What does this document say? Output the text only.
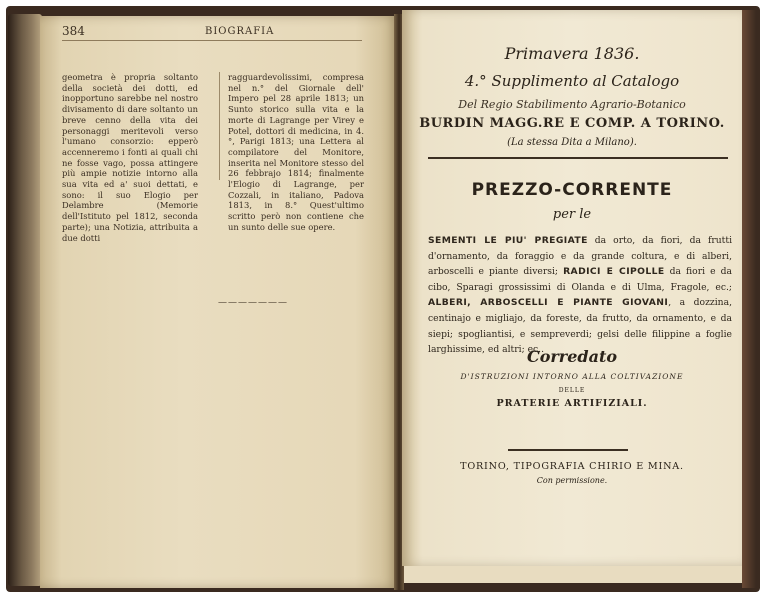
384	BIOGRAFIA
geometra è propria soltanto della società dei dotti, ed inopportuno sarebbe nel nostro divisamento di dare soltanto un breve cenno della vita dei personaggi meritevoli verso l'umano consorzio: epperò accenneremo i fonti ai quali chi ne fosse vago, possa attingere più ampie notizie intorno alla sua vita ed a' suoi dettati, e sono: il suo Elogio per Delambre (Memorie dell'Istituto pel 1812, seconda parte); una Notizia, attribuita a due dotti
ragguardevolissimi, compresa nel n.° del Giornale dell' Impero pel 28 aprile 1813; un Sunto storico sulla vita e la morte di Lagrange per Virey e Potel, dottori di medicina, in 4.°, Parigi 1813; una Lettera al compilatore del Monitore, inserita nel Monitore stesso del 26 febbrajo 1814; finalmente l'Elogio di Lagrange, per Cozzali, in italiano, Padova 1813, in 8.° Quest'ultimo scritto però non contiene che un sunto delle sue opere.
———————
Primavera 1836.
4.° Supplimento al Catalogo
Del Regio Stabilimento Agrario-Botanico
BURDIN MAGG.RE E COMP. A TORINO.
(La stessa Dita a Milano).
PREZZO-CORRENTE
per le
SEMENTI LE PIU' PREGIATE da orto, da fiori, da frutti d'ornamento, da foraggio e da grande coltura, e di alberi, arboscelli e piante diversi; RADICI E CIPOLLE da fiori e da cibo, Sparagi grossissimi di Olanda e di Ulma, Fragole, ec.; ALBERI, ARBOSCELLI E PIANTE GIOVANI, a dozzina, centinajo e migliajo, da foreste, da frutto, da ornamento, e da siepi; spogliantisi, e sempreverdi; gelsi delle filippine a foglie larghissime, ed altri; ec..
Corredato
D'ISTRUZIONI INTORNO ALLA COLTIVAZIONE
DELLE
PRATERIE ARTIFIZIALI.
TORINO, TIPOGRAFIA CHIRIO E MINA.
Con permissione.
